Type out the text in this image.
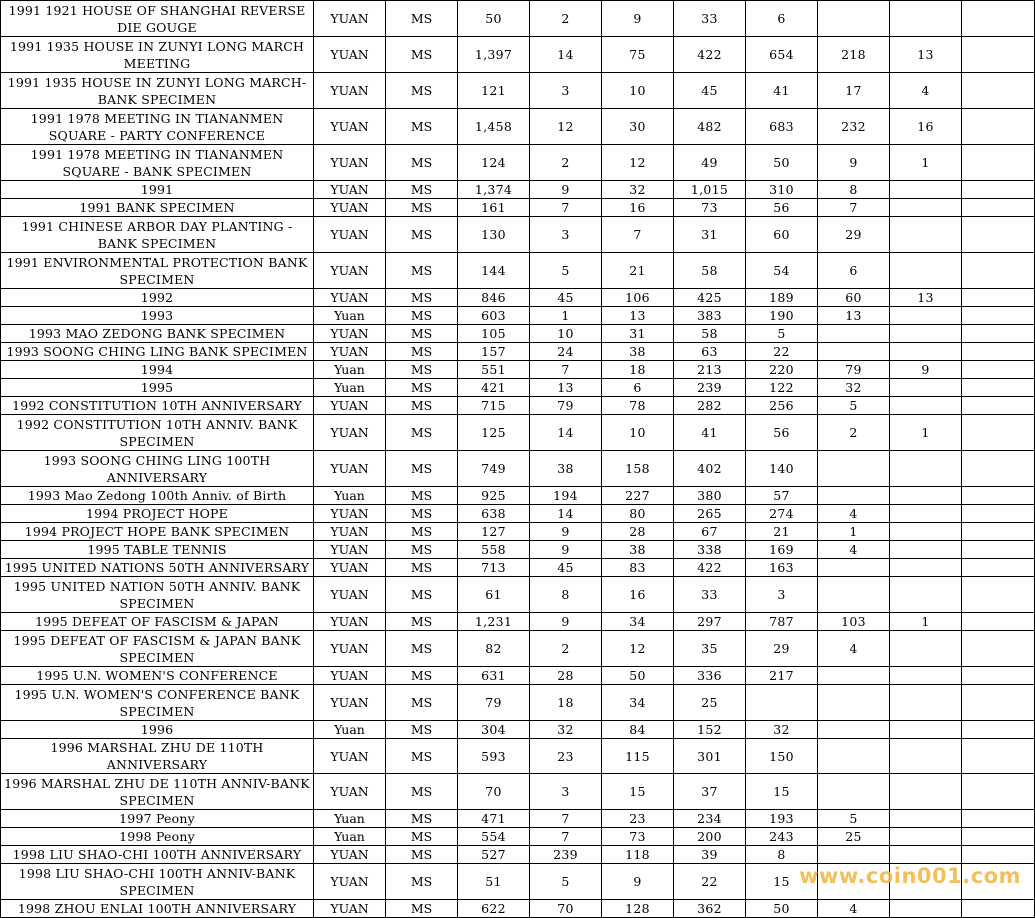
1991 1921 HOUSE OF SHANGHAI REVERSE DIE GOUGE	YUAN	MS	50	2	9	33	6			
1991 1935 HOUSE IN ZUNYI LONG MARCH MEETING	YUAN	MS	1,397	14	75	422	654	218	13	
1991 1935 HOUSE IN ZUNYI LONG MARCH-BANK SPECIMEN	YUAN	MS	121	3	10	45	41	17	4	
1991 1978 MEETING IN TIANANMEN SQUARE - PARTY CONFERENCE	YUAN	MS	1,458	12	30	482	683	232	16	
1991 1978 MEETING IN TIANANMEN SQUARE - BANK SPECIMEN	YUAN	MS	124	2	12	49	50	9	1	
1991	YUAN	MS	1,374	9	32	1,015	310	8		
1991 BANK SPECIMEN	YUAN	MS	161	7	16	73	56	7		
1991 CHINESE ARBOR DAY PLANTING - BANK SPECIMEN	YUAN	MS	130	3	7	31	60	29		
1991 ENVIRONMENTAL PROTECTION BANK SPECIMEN	YUAN	MS	144	5	21	58	54	6		
1992	YUAN	MS	846	45	106	425	189	60	13	
1993	Yuan	MS	603	1	13	383	190	13		
1993 MAO ZEDONG BANK SPECIMEN	YUAN	MS	105	10	31	58	5			
1993 SOONG CHING LING BANK SPECIMEN	YUAN	MS	157	24	38	63	22			
1994	Yuan	MS	551	7	18	213	220	79	9	
1995	Yuan	MS	421	13	6	239	122	32		
1992 CONSTITUTION 10TH ANNIVERSARY	YUAN	MS	715	79	78	282	256	5		
1992 CONSTITUTION 10TH ANNIV. BANK SPECIMEN	YUAN	MS	125	14	10	41	56	2	1	
1993 SOONG CHING LING 100TH ANNIVERSARY	YUAN	MS	749	38	158	402	140			
1993 Mao Zedong 100th Anniv. of Birth	Yuan	MS	925	194	227	380	57			
1994 PROJECT HOPE	YUAN	MS	638	14	80	265	274	4		
1994 PROJECT HOPE BANK SPECIMEN	YUAN	MS	127	9	28	67	21	1		
1995 TABLE TENNIS	YUAN	MS	558	9	38	338	169	4		
1995 UNITED NATIONS 50TH ANNIVERSARY	YUAN	MS	713	45	83	422	163			
1995 UNITED NATION 50TH ANNIV. BANK SPECIMEN	YUAN	MS	61	8	16	33	3			
1995 DEFEAT OF FASCISM & JAPAN	YUAN	MS	1,231	9	34	297	787	103	1	
1995 DEFEAT OF FASCISM & JAPAN BANK SPECIMEN	YUAN	MS	82	2	12	35	29	4		
1995 U.N. WOMEN'S CONFERENCE	YUAN	MS	631	28	50	336	217			
1995 U.N. WOMEN'S CONFERENCE BANK SPECIMEN	YUAN	MS	79	18	34	25				
1996	Yuan	MS	304	32	84	152	32			
1996 MARSHAL ZHU DE 110TH ANNIVERSARY	YUAN	MS	593	23	115	301	150			
1996 MARSHAL ZHU DE 110TH ANNIV-BANK SPECIMEN	YUAN	MS	70	3	15	37	15			
1997 Peony	Yuan	MS	471	7	23	234	193	5		
1998 Peony	Yuan	MS	554	7	73	200	243	25		
1998 LIU SHAO-CHI 100TH ANNIVERSARY	YUAN	MS	527	239	118	39	8			
1998 LIU SHAO-CHI 100TH ANNIV-BANK SPECIMEN	YUAN	MS	51	5	9	22	15			
1998 ZHOU ENLAI 100TH ANNIVERSARY	YUAN	MS	622	70	128	362	50	4		
www.coin001.com
